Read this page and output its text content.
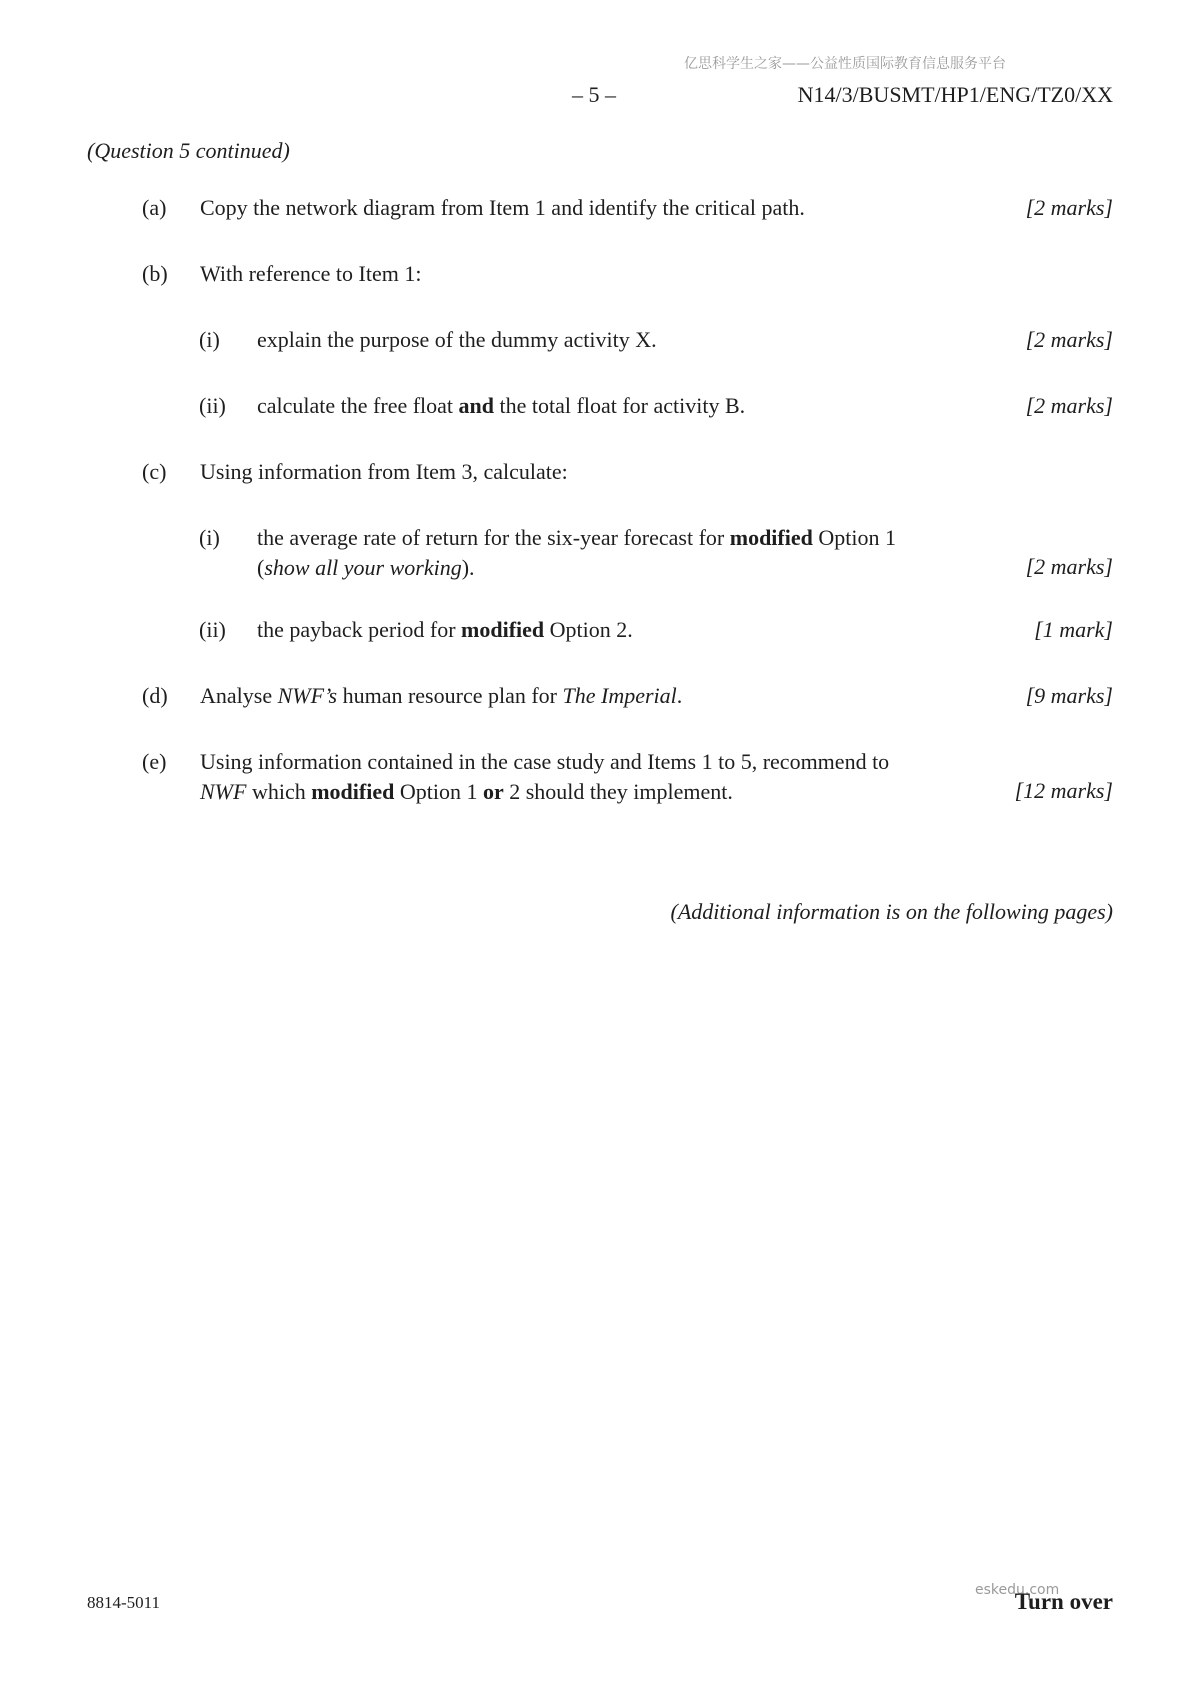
亿思科学生之家——公益性质国际教育信息服务平台
– 5 –	N14/3/BUSMT/HP1/ENG/TZ0/XX
(Question 5 continued)
(a) Copy the network diagram from Item 1 and identify the critical path.	[2 marks]
(b) With reference to Item 1:
(i) explain the purpose of the dummy activity X.	[2 marks]
(ii) calculate the free float and the total float for activity B.	[2 marks]
(c) Using information from Item 3, calculate:
(i) the average rate of return for the six-year forecast for modified Option 1
(show all your working).	[2 marks]
(ii) the payback period for modified Option 2.	[1 mark]
(d) Analyse NWF’s human resource plan for The Imperial.	[9 marks]
(e) Using information contained in the case study and Items 1 to 5, recommend to
NWF which modified Option 1 or 2 should they implement.	[12 marks]
(Additional information is on the following pages)
8814-5011
eskedu.com
Turn over
